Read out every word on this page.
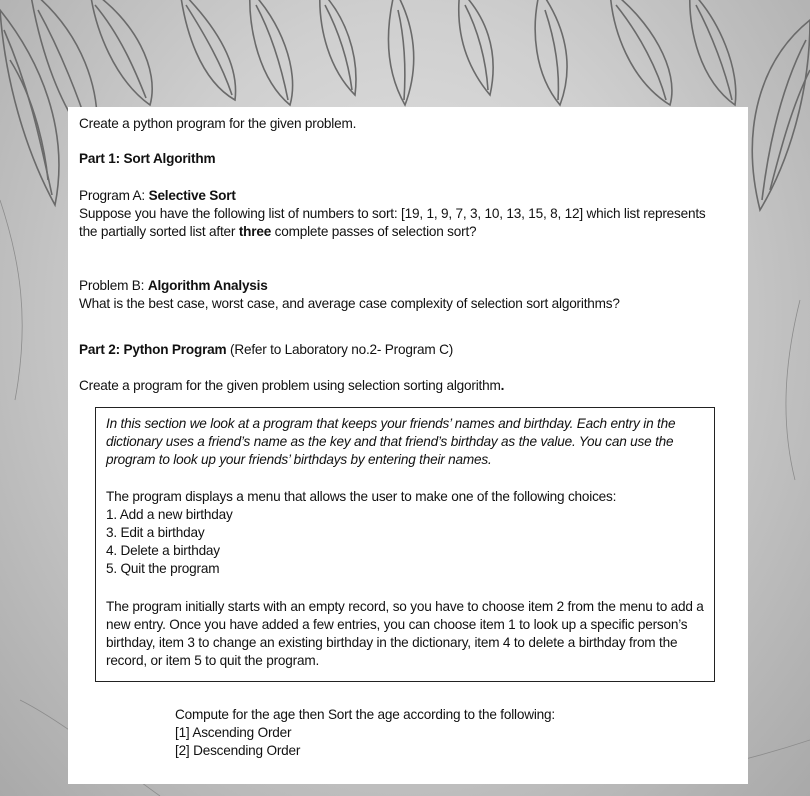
Create a python program for the given problem.
Part 1: Sort Algorithm
Program A: Selective Sort
Suppose you have the following list of numbers to sort: [19, 1, 9, 7, 3, 10, 13, 15, 8, 12] which list represents
the partially sorted list after three complete passes of selection sort?
Problem B: Algorithm Analysis
What is the best case, worst case, and average case complexity of selection sort algorithms?
Part 2: Python Program (Refer to Laboratory no.2- Program C)
Create a program for the given problem using selection sorting algorithm.
In this section we look at a program that keeps your friends’ names and birthday. Each entry in the
dictionary uses a friend’s name as the key and that friend’s birthday as the value. You can use the
program to look up your friends’ birthdays by entering their names.
The program displays a menu that allows the user to make one of the following choices:
1. Add a new birthday
3. Edit a birthday
4. Delete a birthday
5. Quit the program
The program initially starts with an empty record, so you have to choose item 2 from the menu to add a
new entry. Once you have added a few entries, you can choose item 1 to look up a specific person’s
birthday, item 3 to change an existing birthday in the dictionary, item 4 to delete a birthday from the
record, or item 5 to quit the program.
Compute for the age then Sort the age according to the following:
[1] Ascending Order
[2] Descending Order
